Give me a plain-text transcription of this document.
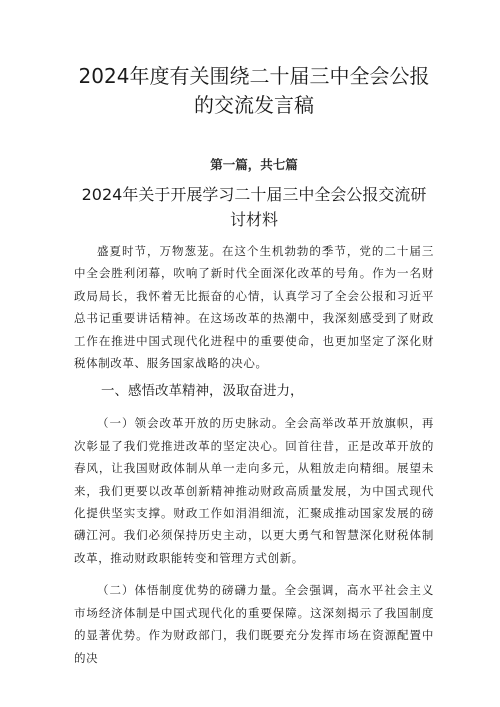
2024年度有关围绕二十届三中全会公报的交流发言稿
第一篇，共七篇
2024年关于开展学习二十届三中全会公报交流研讨材料

盛夏时节，万物葱茏。在这个生机勃勃的季节，党的二十届三中全会胜利闭幕，吹响了新时代全面深化改革的号角。作为一名财政局局长，我怀着无比振奋的心情，认真学习了全会公报和习近平总书记重要讲话精神。在这场改革的热潮中，我深刻感受到了财政工作在推进中国式现代化进程中的重要使命，也更加坚定了深化财税体制改革、服务国家战略的决心。

一、感悟改革精神，汲取奋进力，

（一）领会改革开放的历史脉动。全会高举改革开放旗帜，再次彰显了我们党推进改革的坚定决心。回首往昔，正是改革开放的春风，让我国财政体制从单一走向多元，从粗放走向精细。展望未来，我们更要以改革创新精神推动财政高质量发展，为中国式现代化提供坚实支撑。财政工作如涓涓细流，汇聚成推动国家发展的磅礴江河。我们必须保持历史主动，以更大勇气和智慧深化财税体制改革，推动财政职能转变和管理方式创新。

（二）体悟制度优势的磅礴力量。全会强调，高水平社会主义市场经济体制是中国式现代化的重要保障。这深刻揭示了我国制度的显著优势。作为财政部门，我们既要充分发挥市场在资源配置中的决
